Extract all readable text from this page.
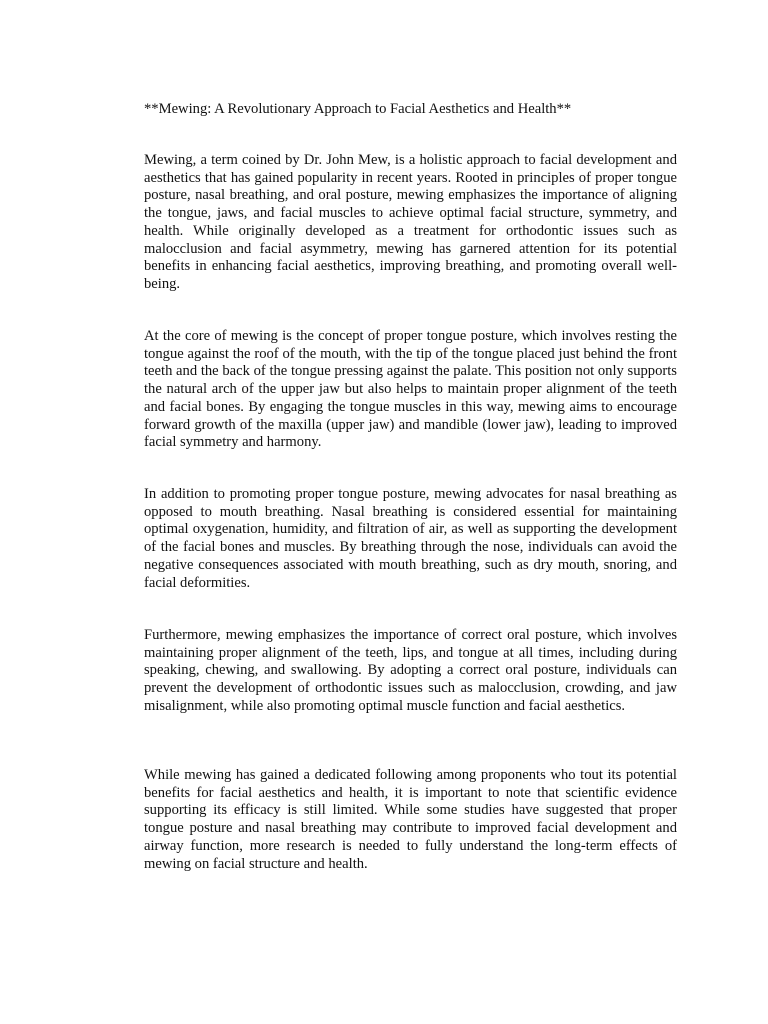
**Mewing: A Revolutionary Approach to Facial Aesthetics and Health**

Mewing, a term coined by Dr. John Mew, is a holistic approach to facial development and aesthetics that has gained popularity in recent years. Rooted in principles of proper tongue posture, nasal breathing, and oral posture, mewing emphasizes the importance of aligning the tongue, jaws, and facial muscles to achieve optimal facial structure, symmetry, and health. While originally developed as a treatment for orthodontic issues such as malocclusion and facial asymmetry, mewing has garnered attention for its potential benefits in enhancing facial aesthetics, improving breathing, and promoting overall well-being.

At the core of mewing is the concept of proper tongue posture, which involves resting the tongue against the roof of the mouth, with the tip of the tongue placed just behind the front teeth and the back of the tongue pressing against the palate. This position not only supports the natural arch of the upper jaw but also helps to maintain proper alignment of the teeth and facial bones. By engaging the tongue muscles in this way, mewing aims to encourage forward growth of the maxilla (upper jaw) and mandible (lower jaw), leading to improved facial symmetry and harmony.

In addition to promoting proper tongue posture, mewing advocates for nasal breathing as opposed to mouth breathing. Nasal breathing is considered essential for maintaining optimal oxygenation, humidity, and filtration of air, as well as supporting the development of the facial bones and muscles. By breathing through the nose, individuals can avoid the negative consequences associated with mouth breathing, such as dry mouth, snoring, and facial deformities.

Furthermore, mewing emphasizes the importance of correct oral posture, which involves maintaining proper alignment of the teeth, lips, and tongue at all times, including during speaking, chewing, and swallowing. By adopting a correct oral posture, individuals can prevent the development of orthodontic issues such as malocclusion, crowding, and jaw misalignment, while also promoting optimal muscle function and facial aesthetics.

While mewing has gained a dedicated following among proponents who tout its potential benefits for facial aesthetics and health, it is important to note that scientific evidence supporting its efficacy is still limited. While some studies have suggested that proper tongue posture and nasal breathing may contribute to improved facial development and airway function, more research is needed to fully understand the long-term effects of mewing on facial structure and health.
